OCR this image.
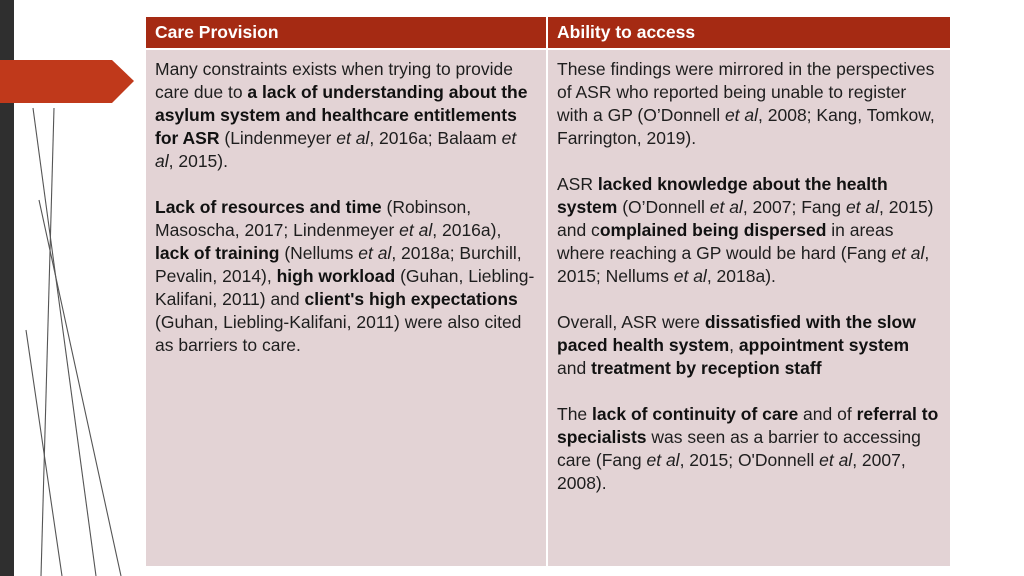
Care Provision	Ability to access

Many constraints exists when trying to provide care due to a lack of understanding about the asylum system and healthcare entitlements for ASR (Lindenmeyer et al, 2016a; Balaam et al, 2015).

Lack of resources and time (Robinson, Masoscha, 2017; Lindenmeyer et al, 2016a), lack of training (Nellums et al, 2018a; Burchill, Pevalin, 2014), high workload (Guhan, Liebling-Kalifani, 2011) and client's high expectations (Guhan, Liebling-Kalifani, 2011) were also cited as barriers to care.

These findings were mirrored in the perspectives of ASR who reported being unable to register with a GP (O’Donnell et al, 2008; Kang, Tomkow, Farrington, 2019).

ASR lacked knowledge about the health system (O’Donnell et al, 2007; Fang et al, 2015) and complained being dispersed in areas where reaching a GP would be hard (Fang et al, 2015; Nellums et al, 2018a).

Overall, ASR were dissatisfied with the slow paced health system, appointment system and treatment by reception staff

The lack of continuity of care and of referral to specialists was seen as a barrier to accessing care (Fang et al, 2015; O'Donnell et al, 2007, 2008).
